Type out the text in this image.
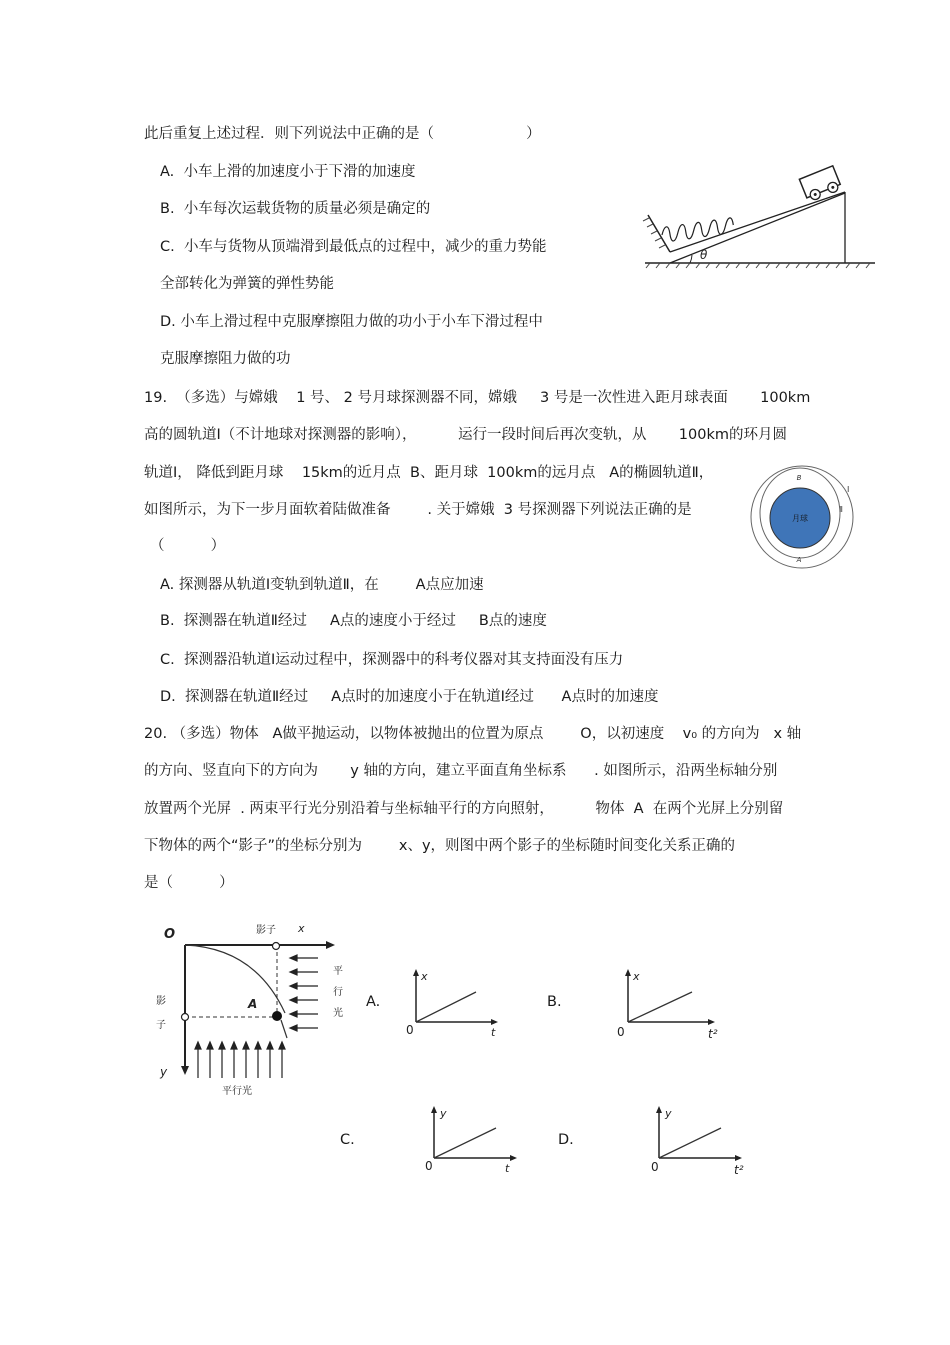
此后重复上述过程．则下列说法中正确的是（                    ）
A.  小车上滑的加速度小于下滑的加速度
B.  小车每次运载货物的质量必须是确定的
C.  小车与货物从顶端滑到最低点的过程中，减少的重力势能
全部转化为弹簧的弹性势能
D. 小车上滑过程中克服摩擦阻力做的功小于小车下滑过程中
克服摩擦阻力做的功
θ
19.  （多选）与嫦娥    1 号、 2 号月球探测器不同，嫦娥     3 号是一次性进入距月球表面       100km
高的圆轨道Ⅰ（不计地球对探测器的影响），         运行一段时间后再次变轨，从       100km的环月圆
轨道Ⅰ， 降低到距月球    15km的近月点  B、距月球  100km的远月点   A的椭圆轨道Ⅱ，
如图所示，为下一步月面软着陆做准备        . 关于嫦娥  3 号探测器下列说法正确的是
（          ）
A. 探测器从轨道Ⅰ变轨到轨道Ⅱ，在        A点应加速
B.  探测器在轨道Ⅱ经过     A点的速度小于经过     B点的速度
C.  探测器沿轨道Ⅰ运动过程中，探测器中的科考仪器对其支持面没有压力
D.  探测器在轨道Ⅱ经过     A点时的加速度小于在轨道Ⅰ经过      A点时的加速度
月球
B
A
Ⅰ
Ⅱ
20. （多选）物体   A做平抛运动，以物体被抛出的位置为原点        O，以初速度    v₀ 的方向为   x 轴
的方向、竖直向下的方向为       y 轴的方向，建立平面直角坐标系      . 如图所示，沿两坐标轴分别
放置两个光屏  . 两束平行光分别沿着与坐标轴平行的方向照射，         物体  A  在两个光屏上分别留
下物体的两个“影子”的坐标分别为        x、y，则图中两个影子的坐标随时间变化关系正确的
是（          ）
O	x
y
A
影子
影
子
平
行
光
平行光
A.
0
x
t
B.
0
x
t²
C.
0
y
t
D.
0
y
t²
